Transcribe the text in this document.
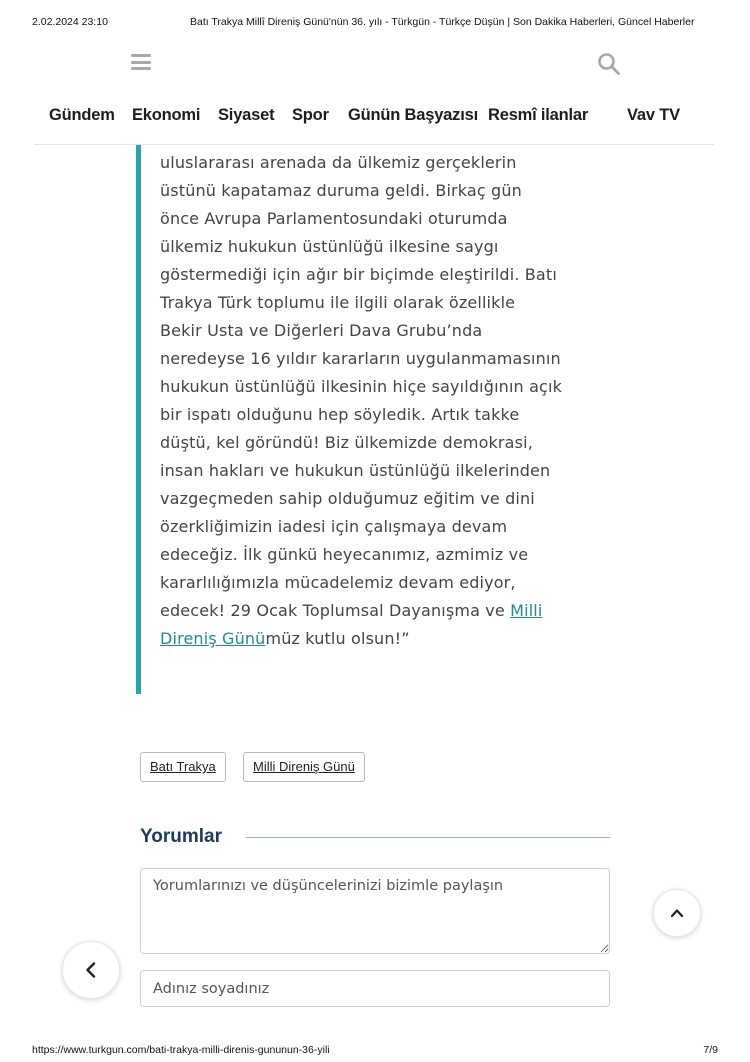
2.02.2024 23:10	Batı Trakya Millî Direniş Günü'nün 36. yılı - Türkgün - Türkçe Düşün | Son Dakika Haberleri, Güncel Haberler
Gündem Ekonomi Siyaset Spor Günün Başyazısı Resmî ilanlar Vav TV
uluslararası arenada da ülkemiz gerçeklerin
üstünü kapatamaz duruma geldi. Birkaç gün
önce Avrupa Parlamentosundaki oturumda
ülkemiz hukukun üstünlüğü ilkesine saygı
göstermediği için ağır bir biçimde eleştirildi. Batı
Trakya Türk toplumu ile ilgili olarak özellikle
Bekir Usta ve Diğerleri Dava Grubu’nda
neredeyse 16 yıldır kararların uygulanmamasının
hukukun üstünlüğü ilkesinin hiçe sayıldığının açık
bir ispatı olduğunu hep söyledik. Artık takke
düştü, kel göründü! Biz ülkemizde demokrasi,
insan hakları ve hukukun üstünlüğü ilkelerinden
vazgeçmeden sahip olduğumuz eğitim ve dini
özerkliğimizin iadesi için çalışmaya devam
edeceğiz. İlk günkü heyecanımız, azmimiz ve
kararlılığımızla mücadelemiz devam ediyor,
edecek! 29 Ocak Toplumsal Dayanışma ve Milli
Direniş Günümüz kutlu olsun!”
Batı Trakya	Milli Direniş Günü
Yorumlar
Yorumlarınızı ve düşüncelerinizi bizimle paylaşın
Adınız soyadınız
https://www.turkgun.com/bati-trakya-milli-direnis-gununun-36-yili	7/9
